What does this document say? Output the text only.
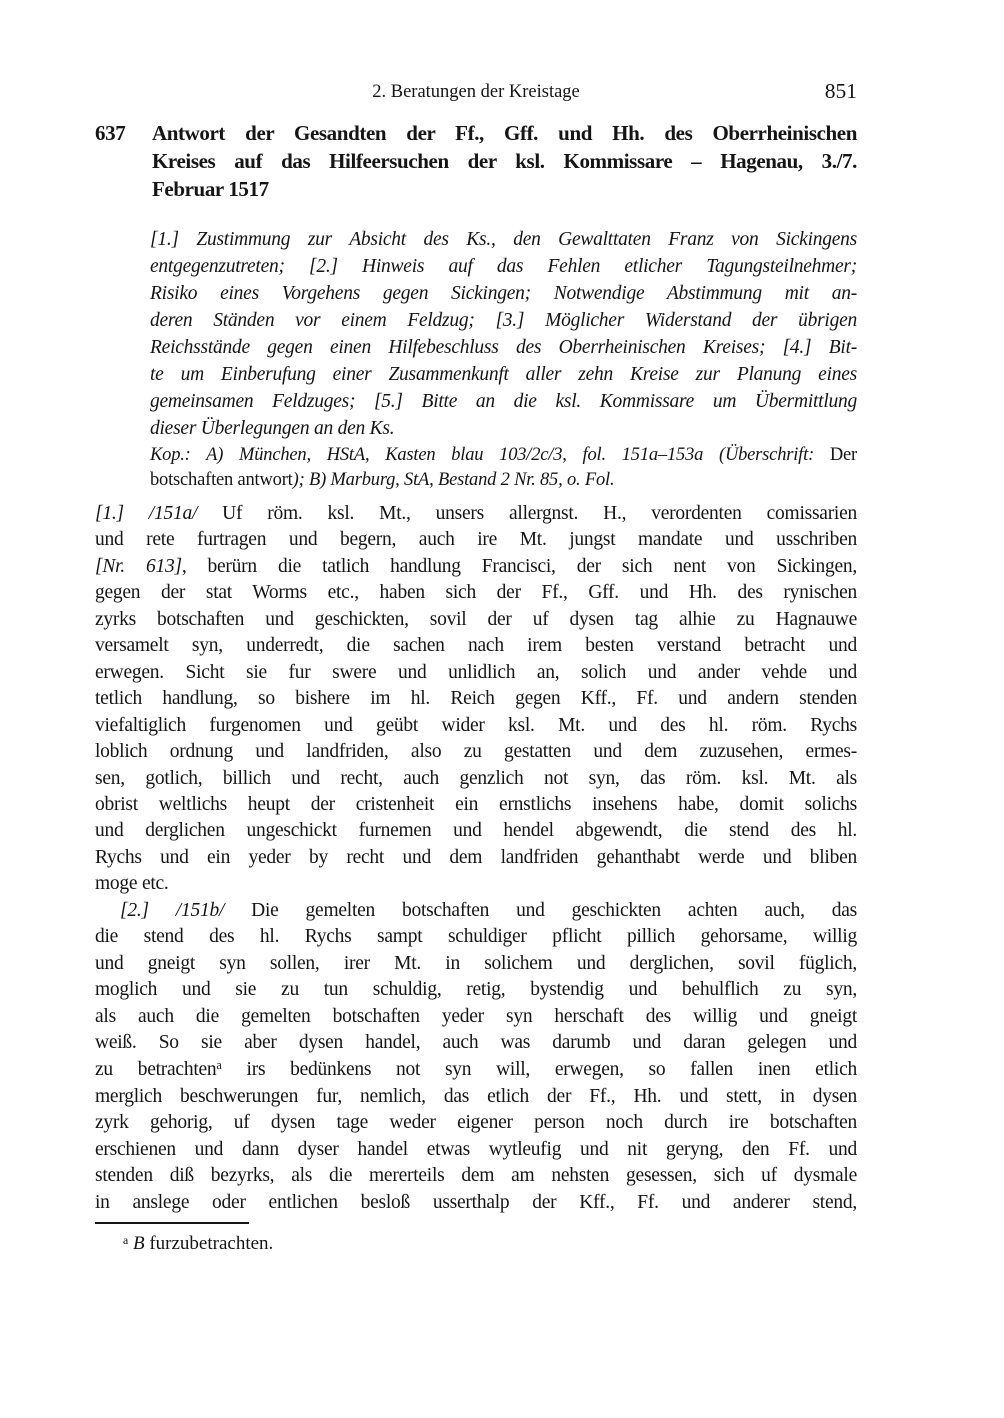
2. Beratungen der Kreistage	851
637	Antwort der Gesandten der Ff., Gff. und Hh. des Oberrheinischen
Kreises auf das Hilfeersuchen der ksl. Kommissare – Hagenau, 3./7.
Februar 1517
[1.] Zustimmung zur Absicht des Ks., den Gewalttaten Franz von Sickingens
entgegenzutreten; [2.] Hinweis auf das Fehlen etlicher Tagungsteilnehmer;
Risiko eines Vorgehens gegen Sickingen; Notwendige Abstimmung mit an-
deren Ständen vor einem Feldzug; [3.] Möglicher Widerstand der übrigen
Reichsstände gegen einen Hilfebeschluss des Oberrheinischen Kreises; [4.] Bit-
te um Einberufung einer Zusammenkunft aller zehn Kreise zur Planung eines
gemeinsamen Feldzuges; [5.] Bitte an die ksl. Kommissare um Übermittlung
dieser Überlegungen an den Ks.
Kop.: A) München, HStA, Kasten blau 103/2c/3, fol. 151a–153a (Überschrift: Der
botschaften antwort); B) Marburg, StA, Bestand 2 Nr. 85, o. Fol.
[1.] /151a/ Uf röm. ksl. Mt., unsers allergnst. H., verordenten comissarien
und rete furtragen und begern, auch ire Mt. jungst mandate und usschriben
[Nr. 613], berürn die tatlich handlung Francisci, der sich nent von Sickingen,
gegen der stat Worms etc., haben sich der Ff., Gff. und Hh. des rynischen
zyrks botschaften und geschickten, sovil der uf dysen tag alhie zu Hagnauwe
versamelt syn, underredt, die sachen nach irem besten verstand betracht und
erwegen. Sicht sie fur swere und unlidlich an, solich und ander vehde und
tetlich handlung, so bishere im hl. Reich gegen Kff., Ff. und andern stenden
viefaltiglich furgenomen und geübt wider ksl. Mt. und des hl. röm. Rychs
loblich ordnung und landfriden, also zu gestatten und dem zuzusehen, ermes-
sen, gotlich, billich und recht, auch genzlich not syn, das röm. ksl. Mt. als
obrist weltlichs heupt der cristenheit ein ernstlichs insehens habe, domit solichs
und derglichen ungeschickt furnemen und hendel abgewendt, die stend des hl.
Rychs und ein yeder by recht und dem landfriden gehanthabt werde und bliben
moge etc.
[2.] /151b/ Die gemelten botschaften und geschickten achten auch, das
die stend des hl. Rychs sampt schuldiger pflicht pillich gehorsame, willig
und gneigt syn sollen, irer Mt. in solichem und derglichen, sovil füglich,
moglich und sie zu tun schuldig, retig, bystendig und behulflich zu syn,
als auch die gemelten botschaften yeder syn herschaft des willig und gneigt
weiß. So sie aber dysen handel, auch was darumb und daran gelegen und
zu betrachten$^a$ irs bedünkens not syn will, erwegen, so fallen inen etlich
merglich beschwerungen fur, nemlich, das etlich der Ff., Hh. und stett, in dysen
zyrk gehorig, uf dysen tage weder eigener person noch durch ire botschaften
erschienen und dann dyser handel etwas wytleufig und nit geryng, den Ff. und
stenden diß bezyrks, als die mererteils dem am nehsten gesessen, sich uf dysmale
in anslege oder entlichen besloß usserthalp der Kff., Ff. und anderer stend,
$^a$ B furzubetrachten.
